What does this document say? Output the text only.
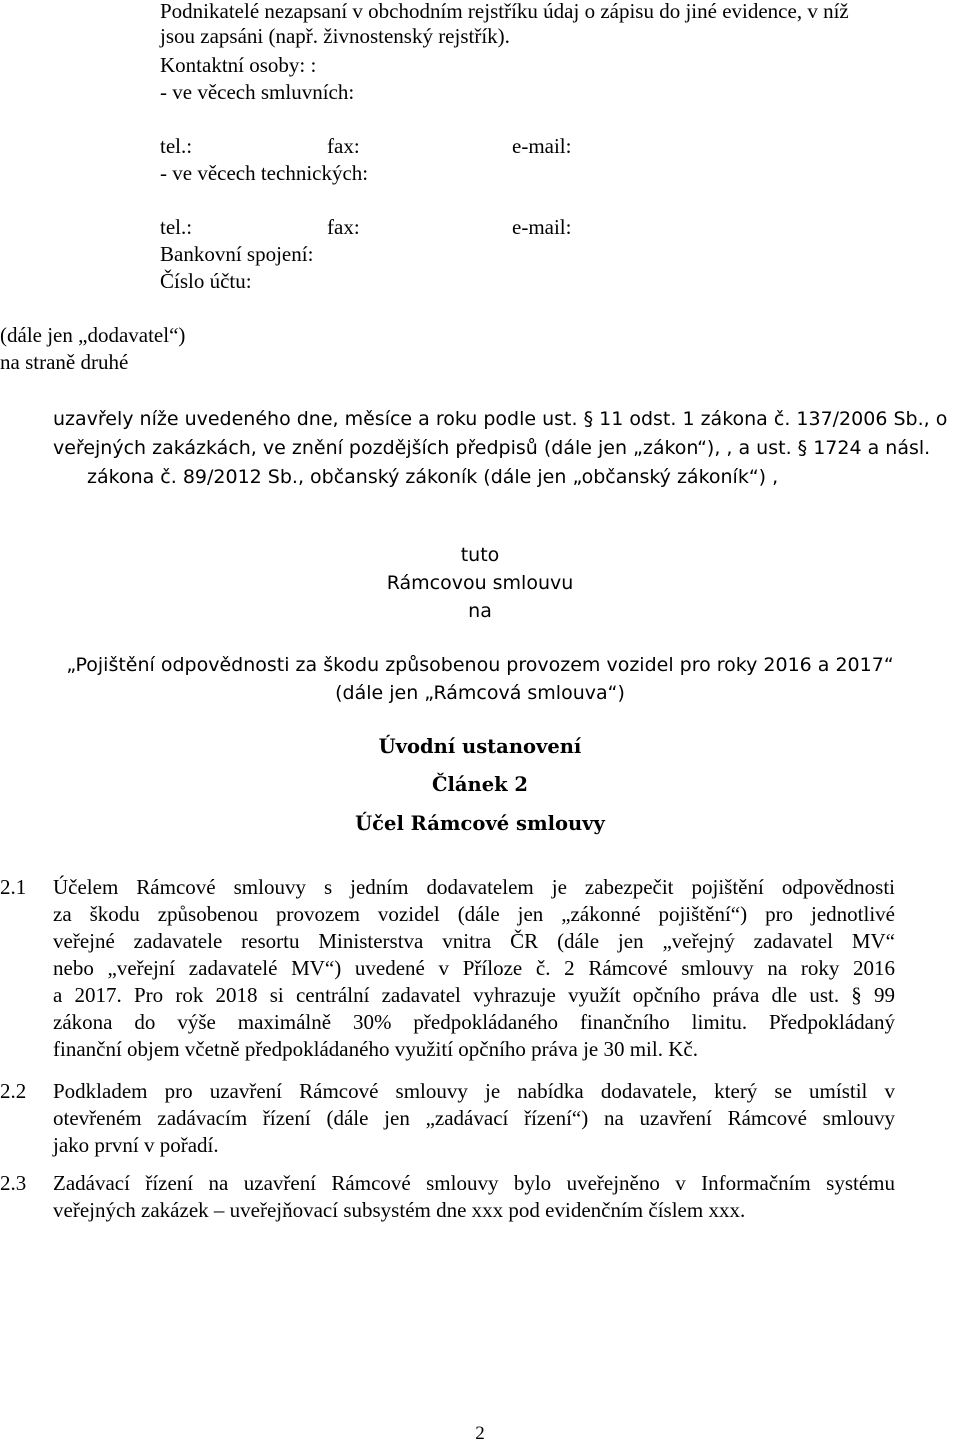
Podnikatelé nezapsaní v obchodním rejstříku údaj o zápisu do jiné evidence, v níž
jsou zapsáni (např. živnostenský rejstřík).
Kontaktní osoby: :
- ve věcech smluvních:
tel.:	fax:	e-mail:
- ve věcech technických:
tel.:	fax:	e-mail:
Bankovní spojení:
Číslo účtu:
(dále jen „dodavatel“)
na straně druhé
uzavřely níže uvedeného dne, měsíce a roku podle ust. § 11 odst. 1 zákona č. 137/2006 Sb., o
veřejných zakázkách, ve znění pozdějších předpisů (dále jen „zákon“), , a ust. § 1724 a násl.
zákona č. 89/2012 Sb., občanský zákoník (dále jen „občanský zákoník“) ,
tuto
Rámcovou smlouvu
na
„Pojištění odpovědnosti za škodu způsobenou provozem vozidel pro roky 2016 a 2017“
(dále jen „Rámcová smlouva“)
Úvodní ustanovení
Článek 2
Účel Rámcové smlouvy
2.1 Účelem Rámcové smlouvy s jedním dodavatelem je zabezpečit pojištění odpovědnosti
za škodu způsobenou provozem vozidel (dále jen „zákonné pojištění“) pro jednotlivé
veřejné zadavatele resortu Ministerstva vnitra ČR (dále jen „veřejný zadavatel MV“
nebo „veřejní zadavatelé MV“) uvedené v Příloze č. 2 Rámcové smlouvy na roky 2016
a 2017. Pro rok 2018 si centrální zadavatel vyhrazuje využít opčního práva dle ust. § 99
zákona do výše maximálně 30% předpokládaného finančního limitu. Předpokládaný
finanční objem včetně předpokládaného využití opčního práva je 30 mil. Kč.
2.2 Podkladem pro uzavření Rámcové smlouvy je nabídka dodavatele, který se umístil v
otevřeném zadávacím řízení (dále jen „zadávací řízení“) na uzavření Rámcové smlouvy
jako první v pořadí.
2.3 Zadávací řízení na uzavření Rámcové smlouvy bylo uveřejněno v Informačním systému
veřejných zakázek – uveřejňovací subsystém dne xxx pod evidenčním číslem xxx.
2
